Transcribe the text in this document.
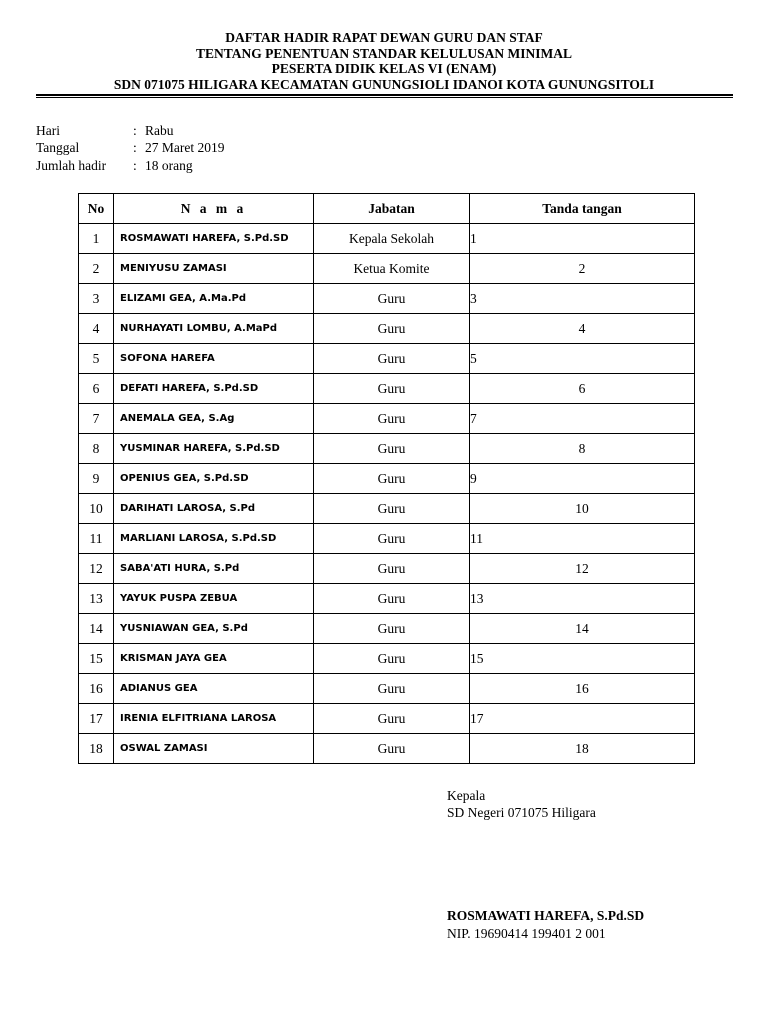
DAFTAR HADIR RAPAT DEWAN GURU DAN STAF
TENTANG PENENTUAN STANDAR KELULUSAN MINIMAL
PESERTA DIDIK KELAS VI (ENAM)
SDN 071075 HILIGARA KECAMATAN GUNUNGSIOLI IDANOI KOTA GUNUNGSITOLI
Hari	: Rabu
Tanggal	: 27 Maret 2019
Jumlah hadir	: 18 orang
No	N a m a	Jabatan	Tanda tangan
1	ROSMAWATI HAREFA, S.Pd.SD	Kepala Sekolah	1
2	MENIYUSU ZAMASI	Ketua Komite	2
3	ELIZAMI GEA, A.Ma.Pd	Guru	3
4	NURHAYATI LOMBU, A.MaPd	Guru	4
5	SOFONA HAREFA	Guru	5
6	DEFATI HAREFA, S.Pd.SD	Guru	6
7	ANEMALA GEA, S.Ag	Guru	7
8	YUSMINAR HAREFA, S.Pd.SD	Guru	8
9	OPENIUS GEA, S.Pd.SD	Guru	9
10	DARIHATI LAROSA, S.Pd	Guru	10
11	MARLIANI LAROSA, S.Pd.SD	Guru	11
12	SABA'ATI HURA, S.Pd	Guru	12
13	YAYUK PUSPA ZEBUA	Guru	13
14	YUSNIAWAN GEA, S.Pd	Guru	14
15	KRISMAN JAYA GEA	Guru	15
16	ADIANUS GEA	Guru	16
17	IRENIA ELFITRIANA LAROSA	Guru	17
18	OSWAL ZAMASI	Guru	18
Kepala
SD Negeri 071075 Hiligara
ROSMAWATI HAREFA, S.Pd.SD
NIP. 19690414 199401 2 001
